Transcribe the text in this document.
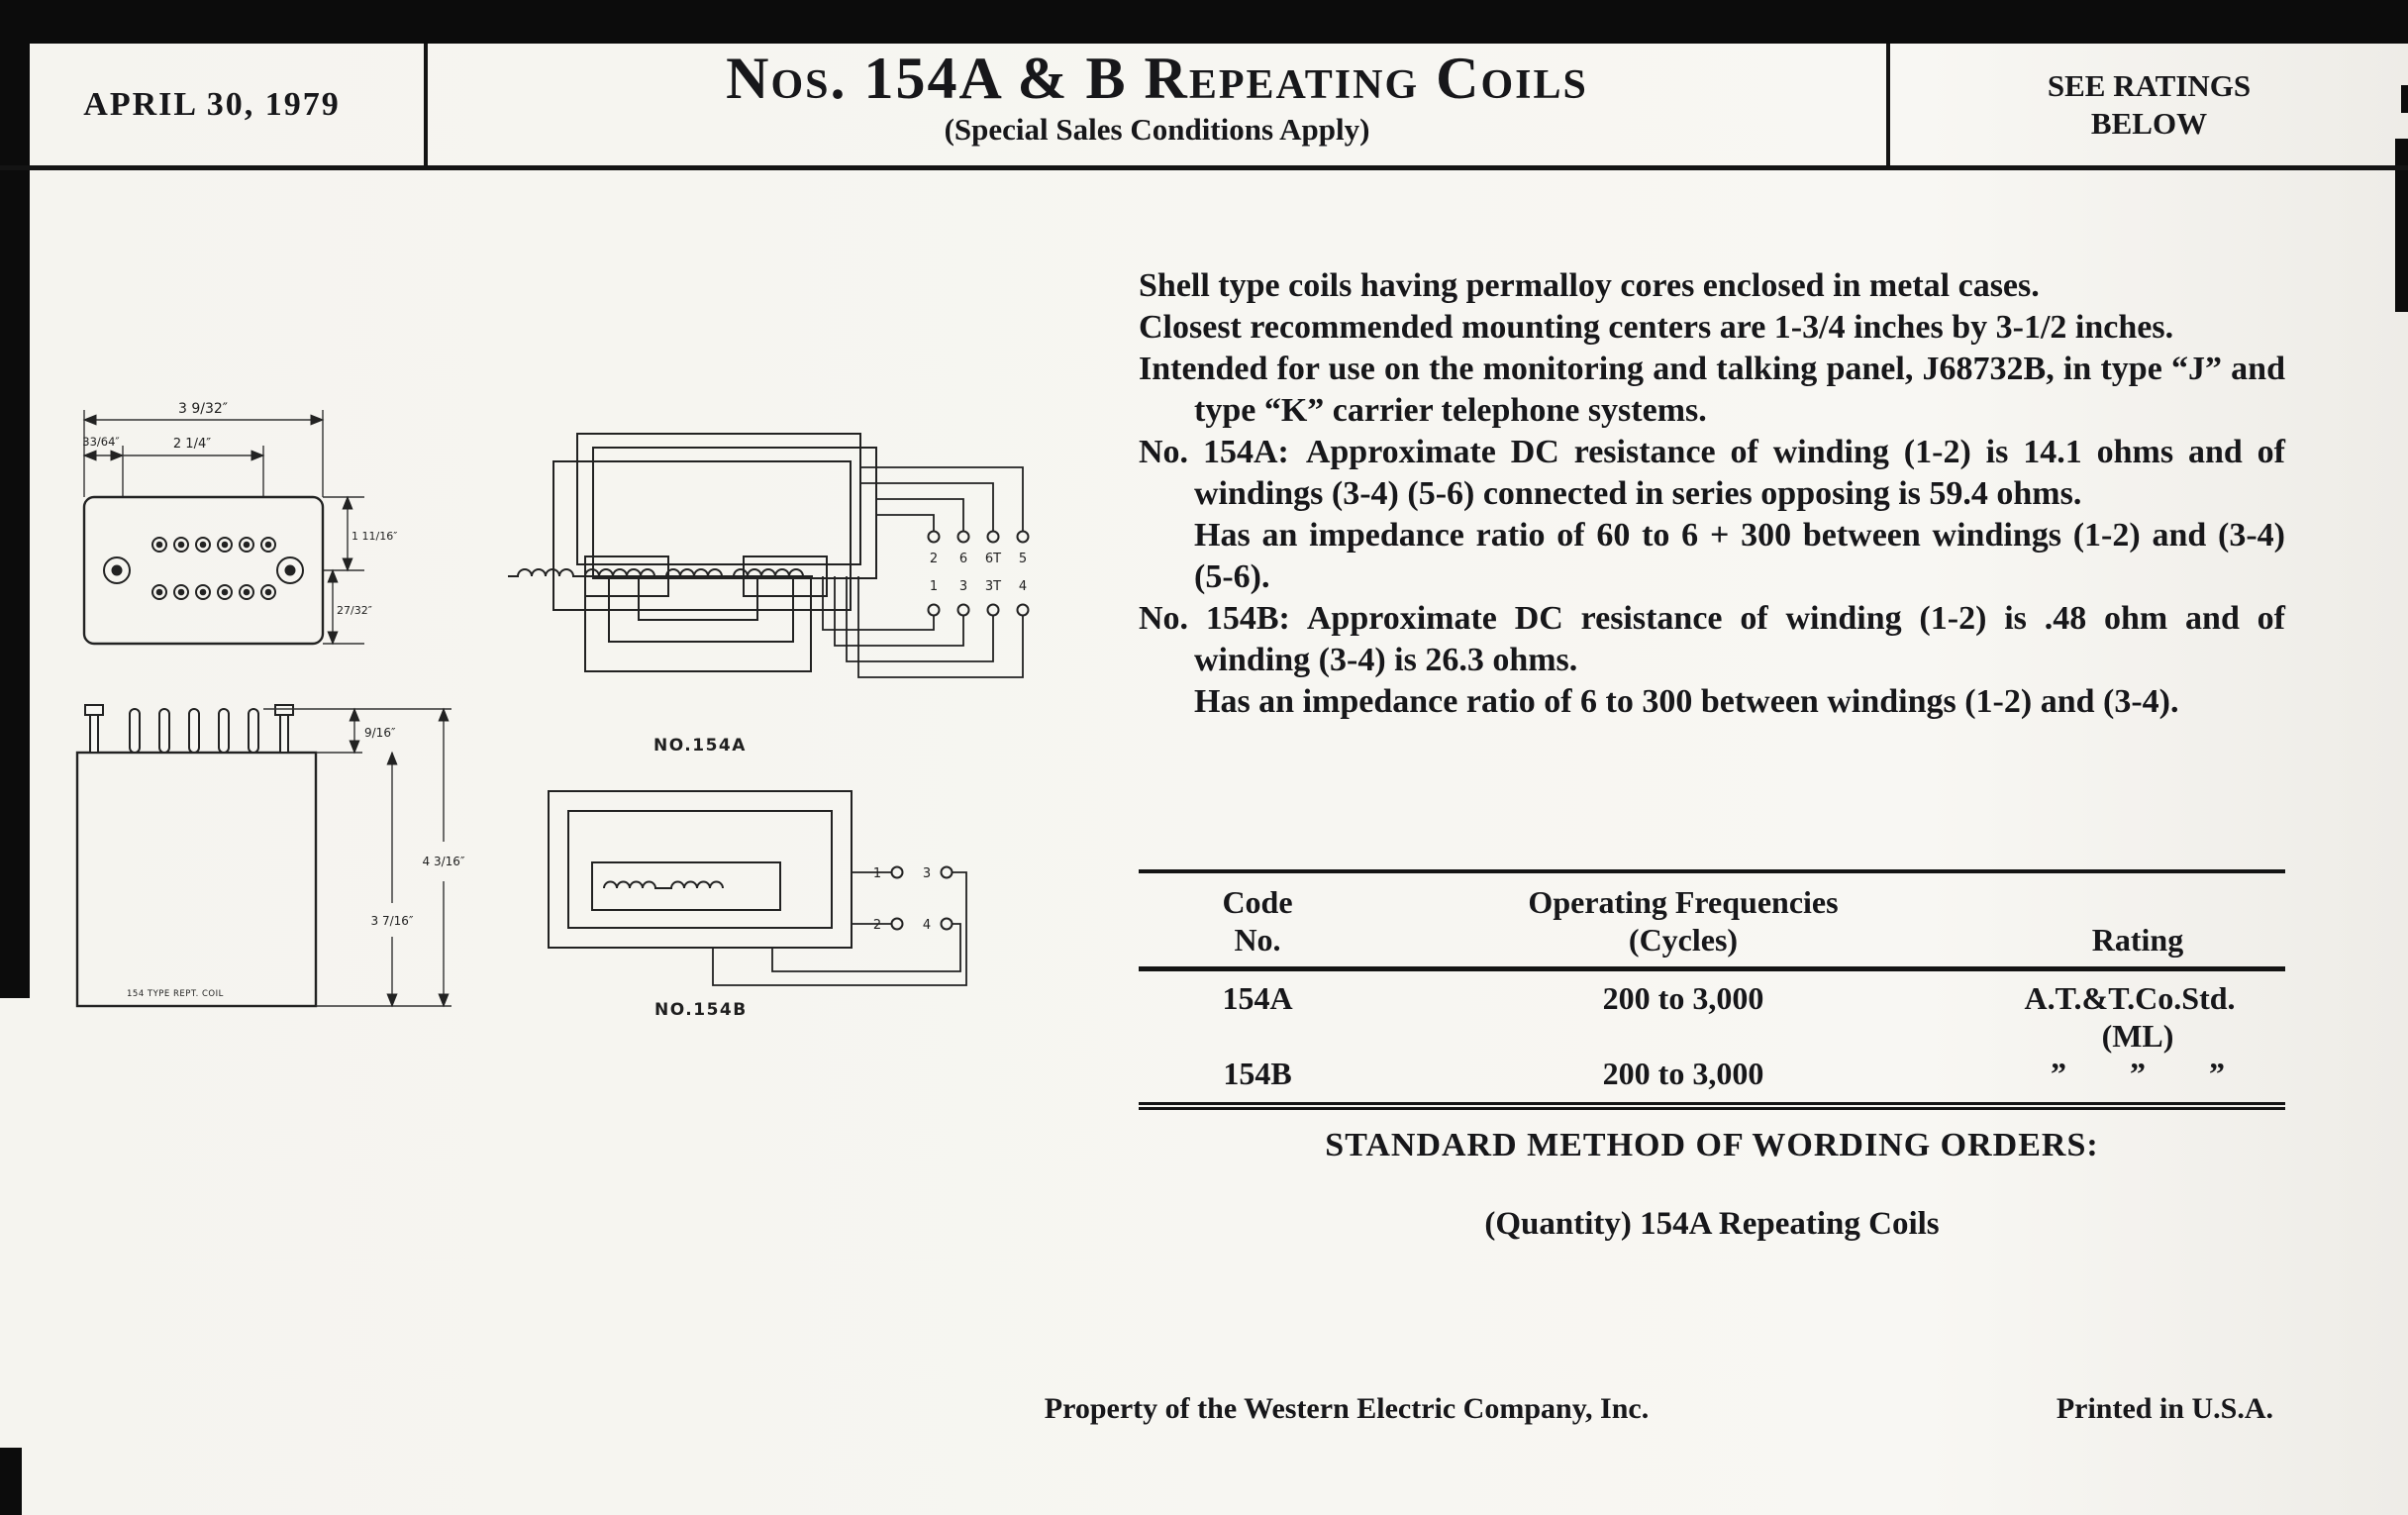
APRIL 30, 1979	Nos. 154A & B Repeating Coils
(Special Sales Conditions Apply)
SEE RATINGS
BELOW
3 9/32″
33/64″	2 1/4″
1 11/16″
27/32″
9/16″
4 3/16″
3 7/16″
154 TYPE REPT. COIL
2 6 6T 5
1 3 3T 4
NO.154A
1	3
2	4
NO.154B

Shell type coils having permalloy cores enclosed in metal cases.

Closest recommended mounting centers are 1-3/4 inches by 3-1/2 inches.

Intended for use on the monitoring and talking panel, J68732B, in type “J” and type “K” carrier telephone systems.

No. 154A: Approximate DC resistance of winding (1-2) is 14.1 ohms and of windings (3-4) (5-6) connected in series opposing is 59.4 ohms.

Has an impedance ratio of 60 to 6 + 300 between windings (1-2) and (3-4) (5-6).

No. 154B: Approximate DC resistance of winding (1-2) is .48 ohm and of winding (3-4) is 26.3 ohms.

Has an impedance ratio of 6 to 300 between windings (1-2) and (3-4).

Code
No.
Operating Frequencies
(Cycles)	Rating
154A	200 to 3,000	A.T.&T.Co.Std. (ML)
154B	200 to 3,000	”  ”  ”
STANDARD METHOD OF WORDING ORDERS:
(Quantity) 154A Repeating Coils
Property of the Western Electric Company, Inc.	Printed in U.S.A.
